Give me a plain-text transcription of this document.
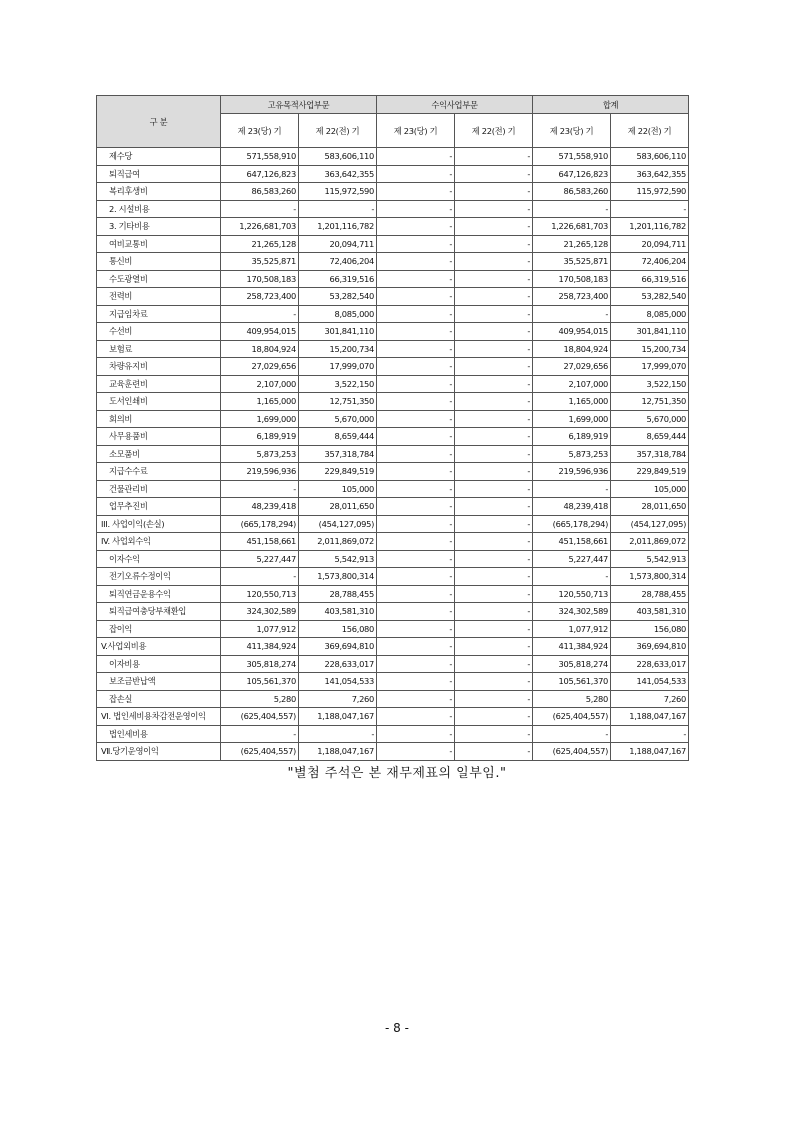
구 분	고유목적사업부문		수익사업부문		합계	
	제 23(당) 기	제 22(전) 기	제 23(당) 기	제 22(전) 기	제 23(당) 기	제 22(전) 기
제수당	571,558,910	583,606,110	-	-	571,558,910	583,606,110
퇴직급여	647,126,823	363,642,355	-	-	647,126,823	363,642,355
복리후생비	86,583,260	115,972,590	-	-	86,583,260	115,972,590
2. 시설비용	-	-	-	-	-	-
3. 기타비용	1,226,681,703	1,201,116,782	-	-	1,226,681,703	1,201,116,782
여비교통비	21,265,128	20,094,711	-	-	21,265,128	20,094,711
통신비	35,525,871	72,406,204	-	-	35,525,871	72,406,204
수도광열비	170,508,183	66,319,516	-	-	170,508,183	66,319,516
전력비	258,723,400	53,282,540	-	-	258,723,400	53,282,540
지급임차료	-	8,085,000	-	-	-	8,085,000
수선비	409,954,015	301,841,110	-	-	409,954,015	301,841,110
보험료	18,804,924	15,200,734	-	-	18,804,924	15,200,734
차량유지비	27,029,656	17,999,070	-	-	27,029,656	17,999,070
교육훈련비	2,107,000	3,522,150	-	-	2,107,000	3,522,150
도서인쇄비	1,165,000	12,751,350	-	-	1,165,000	12,751,350
회의비	1,699,000	5,670,000	-	-	1,699,000	5,670,000
사무용품비	6,189,919	8,659,444	-	-	6,189,919	8,659,444
소모품비	5,873,253	357,318,784	-	-	5,873,253	357,318,784
지급수수료	219,596,936	229,849,519	-	-	219,596,936	229,849,519
건물관리비	-	105,000	-	-	-	105,000
업무추진비	48,239,418	28,011,650	-	-	48,239,418	28,011,650
III. 사업이익(손실)	(665,178,294)	(454,127,095)	-	-	(665,178,294)	(454,127,095)
IV. 사업외수익	451,158,661	2,011,869,072	-	-	451,158,661	2,011,869,072
이자수익	5,227,447	5,542,913	-	-	5,227,447	5,542,913
전기오류수정이익	-	1,573,800,314	-	-	-	1,573,800,314
퇴직연금운용수익	120,550,713	28,788,455	-	-	120,550,713	28,788,455
퇴직급여충당부채환입	324,302,589	403,581,310	-	-	324,302,589	403,581,310
잡이익	1,077,912	156,080	-	-	1,077,912	156,080
V.사업외비용	411,384,924	369,694,810	-	-	411,384,924	369,694,810
이자비용	305,818,274	228,633,017	-	-	305,818,274	228,633,017
보조금반납액	105,561,370	141,054,533	-	-	105,561,370	141,054,533
잡손실	5,280	7,260	-	-	5,280	7,260
VI. 법인세비용차감전운영이익	(625,404,557)	1,188,047,167	-	-	(625,404,557)	1,188,047,167
법인세비용	-	-	-	-	-	-
Ⅶ.당기운영이익	(625,404,557)	1,188,047,167	-	-	(625,404,557)	1,188,047,167
"별첨 주석은 본 재무제표의 일부임."
- 8 -
